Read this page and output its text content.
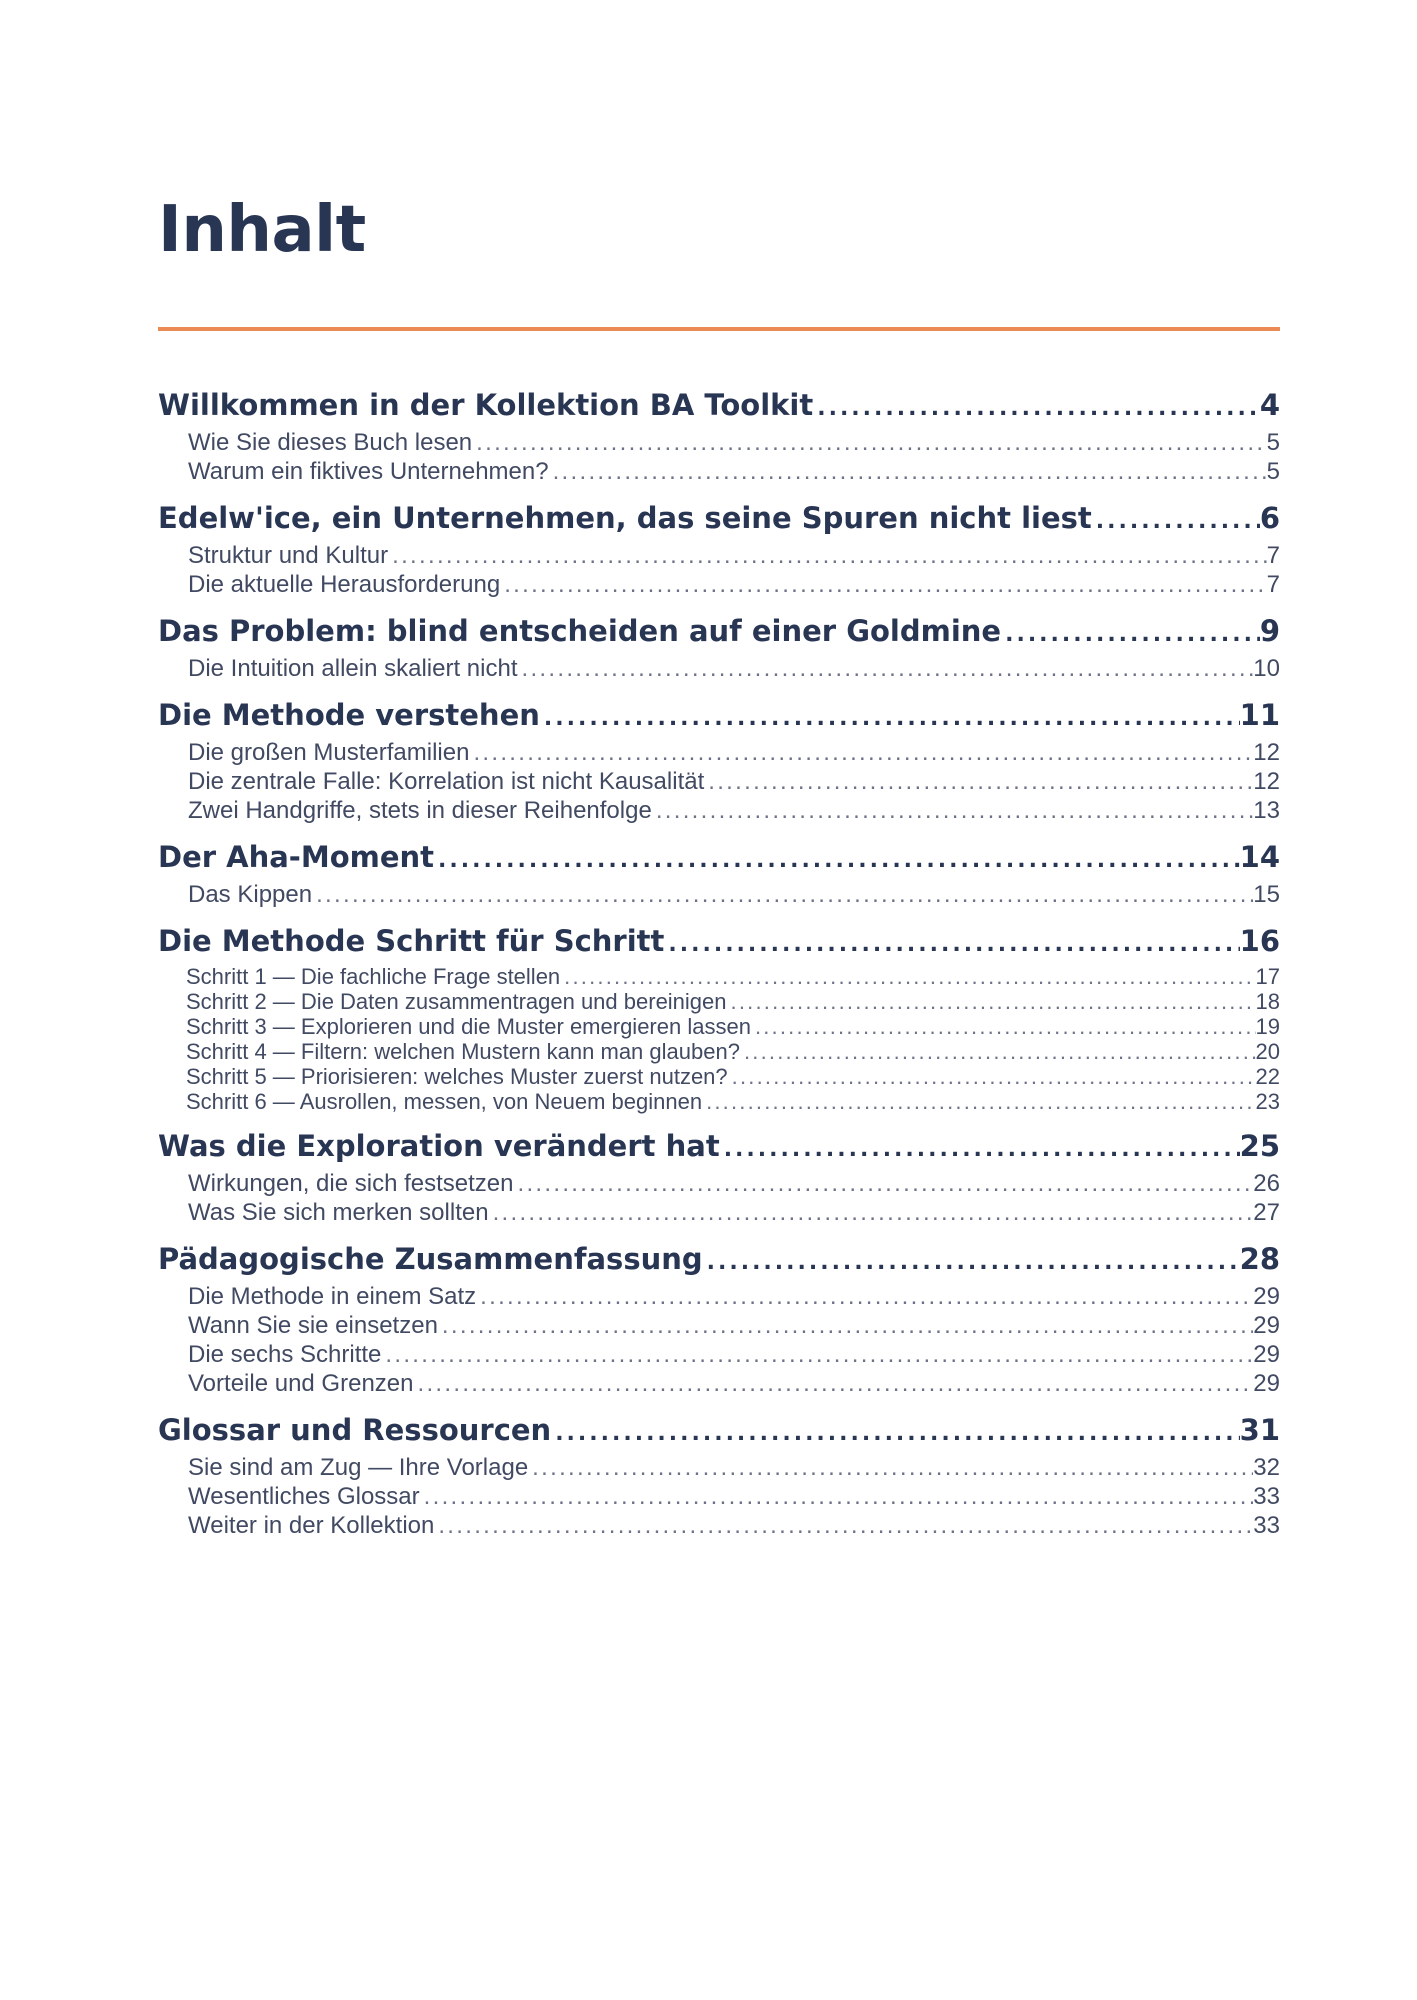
Inhalt
Willkommen in der Kollektion BA Toolkit .....	4
Wie Sie dieses Buch lesen .....	5
Warum ein fiktives Unternehmen? .....	5
Edelw'ice, ein Unternehmen, das seine Spuren nicht liest .....	6
Struktur und Kultur .....	7
Die aktuelle Herausforderung .....	7
Das Problem: blind entscheiden auf einer Goldmine .....	9
Die Intuition allein skaliert nicht .....	10
Die Methode verstehen .....	11
Die großen Musterfamilien .....	12
Die zentrale Falle: Korrelation ist nicht Kausalität .....	12
Zwei Handgriffe, stets in dieser Reihenfolge .....	13
Der Aha-Moment .....	14
Das Kippen .....	15
Die Methode Schritt für Schritt .....	16
Schritt 1 — Die fachliche Frage stellen .....	17
Schritt 2 — Die Daten zusammentragen und bereinigen .....	18
Schritt 3 — Explorieren und die Muster emergieren lassen .....	19
Schritt 4 — Filtern: welchen Mustern kann man glauben? .....	20
Schritt 5 — Priorisieren: welches Muster zuerst nutzen? .....	22
Schritt 6 — Ausrollen, messen, von Neuem beginnen .....	23
Was die Exploration verändert hat .....	25
Wirkungen, die sich festsetzen .....	26
Was Sie sich merken sollten .....	27
Pädagogische Zusammenfassung .....	28
Die Methode in einem Satz .....	29
Wann Sie sie einsetzen .....	29
Die sechs Schritte .....	29
Vorteile und Grenzen .....	29
Glossar und Ressourcen .....	31
Sie sind am Zug — Ihre Vorlage .....	32
Wesentliches Glossar .....	33
Weiter in der Kollektion .....	33
